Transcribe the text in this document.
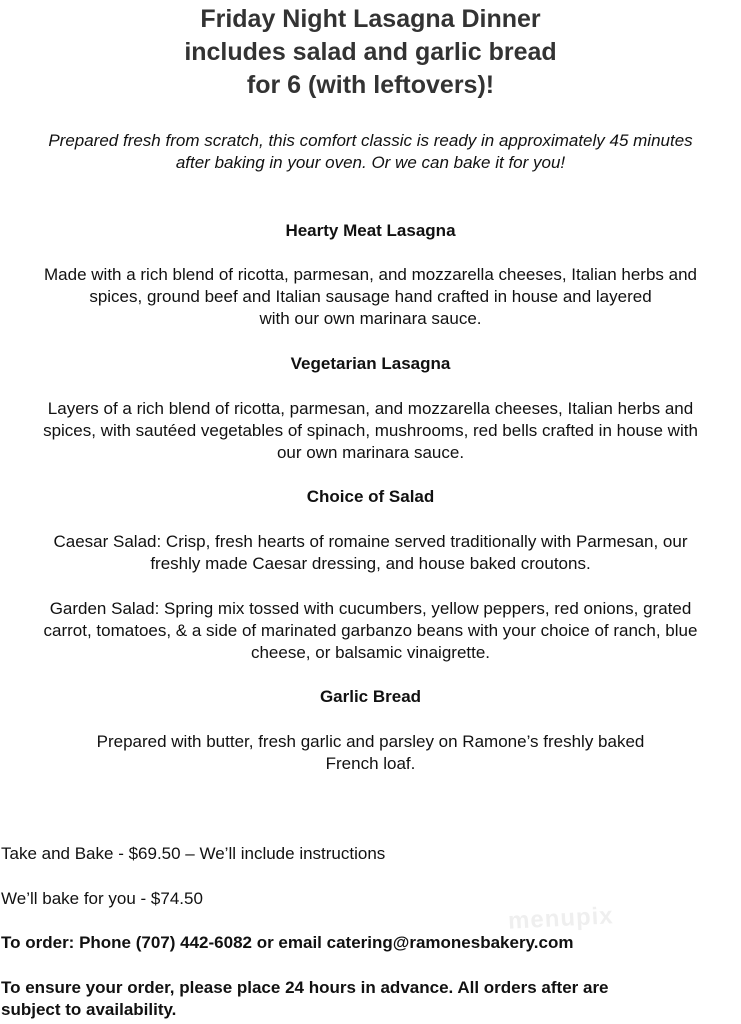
Friday Night Lasagna Dinner
includes salad and garlic bread
for 6 (with leftovers)!
Prepared fresh from scratch, this comfort classic is ready in approximately 45 minutes
after baking in your oven. Or we can bake it for you!
Hearty Meat Lasagna
Made with a rich blend of ricotta, parmesan, and mozzarella cheeses, Italian herbs and
spices, ground beef and Italian sausage hand crafted in house and layered
with our own marinara sauce.
Vegetarian Lasagna
Layers of a rich blend of ricotta, parmesan, and mozzarella cheeses, Italian herbs and
spices, with sautéed vegetables of spinach, mushrooms, red bells crafted in house with
our own marinara sauce.
Choice of Salad
Caesar Salad: Crisp, fresh hearts of romaine served traditionally with Parmesan, our
freshly made Caesar dressing, and house baked croutons.
Garden Salad: Spring mix tossed with cucumbers, yellow peppers, red onions, grated
carrot, tomatoes, & a side of marinated garbanzo beans with your choice of ranch, blue
cheese, or balsamic vinaigrette.
Garlic Bread
Prepared with butter, fresh garlic and parsley on Ramone’s freshly baked
French loaf.
Take and Bake - $69.50 – We’ll include instructions
We’ll bake for you - $74.50
menupix
To order: Phone (707) 442-6082 or email catering@ramonesbakery.com
To ensure your order, please place 24 hours in advance. All orders after are
subject to availability.
